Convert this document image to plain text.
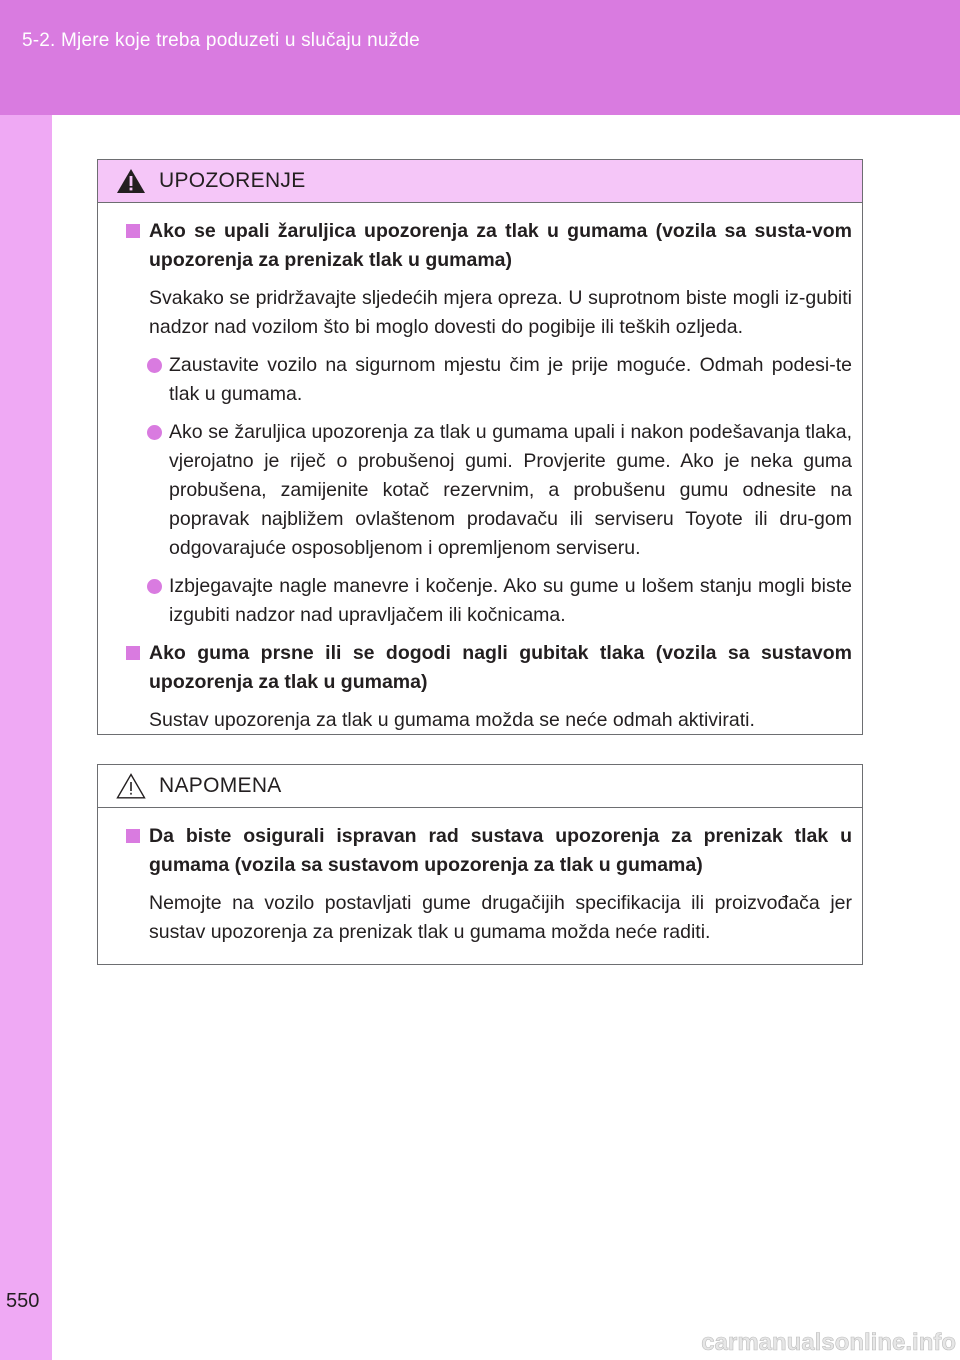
5-2. Mjere koje treba poduzeti u slučaju nužde
550
UPOZORENJE

Ako se upali žaruljica upozorenja za tlak u gumama (vozila sa susta-vom upozorenja za prenizak tlak u gumama)

Svakako se pridržavajte sljedećih mjera opreza. U suprotnom biste mogli iz-gubiti nadzor nad vozilom što bi moglo dovesti do pogibije ili teških ozljeda.

Zaustavite vozilo na sigurnom mjestu čim je prije moguće. Odmah podesi-te tlak u gumama.

Ako se žaruljica upozorenja za tlak u gumama upali i nakon podešavanja tlaka, vjerojatno je riječ o probušenoj gumi. Provjerite gume. Ako je neka guma probušena, zamijenite kotač rezervnim, a probušenu gumu odnesite na popravak najbližem ovlaštenom prodavaču ili serviseru Toyote ili dru-gom odgovarajuće osposobljenom i opremljenom serviseru.

Izbjegavajte nagle manevre i kočenje. Ako su gume u lošem stanju mogli biste izgubiti nadzor nad upravljačem ili kočnicama.

Ako guma prsne ili se dogodi nagli gubitak tlaka (vozila sa sustavom upozorenja za tlak u gumama)

Sustav upozorenja za tlak u gumama možda se neće odmah aktivirati.

NAPOMENA

Da biste osigurali ispravan rad sustava upozorenja za prenizak tlak u gumama (vozila sa sustavom upozorenja za tlak u gumama)

Nemojte na vozilo postavljati gume drugačijih specifikacija ili proizvođača jer sustav upozorenja za prenizak tlak u gumama možda neće raditi.

carmanualsonline.info
